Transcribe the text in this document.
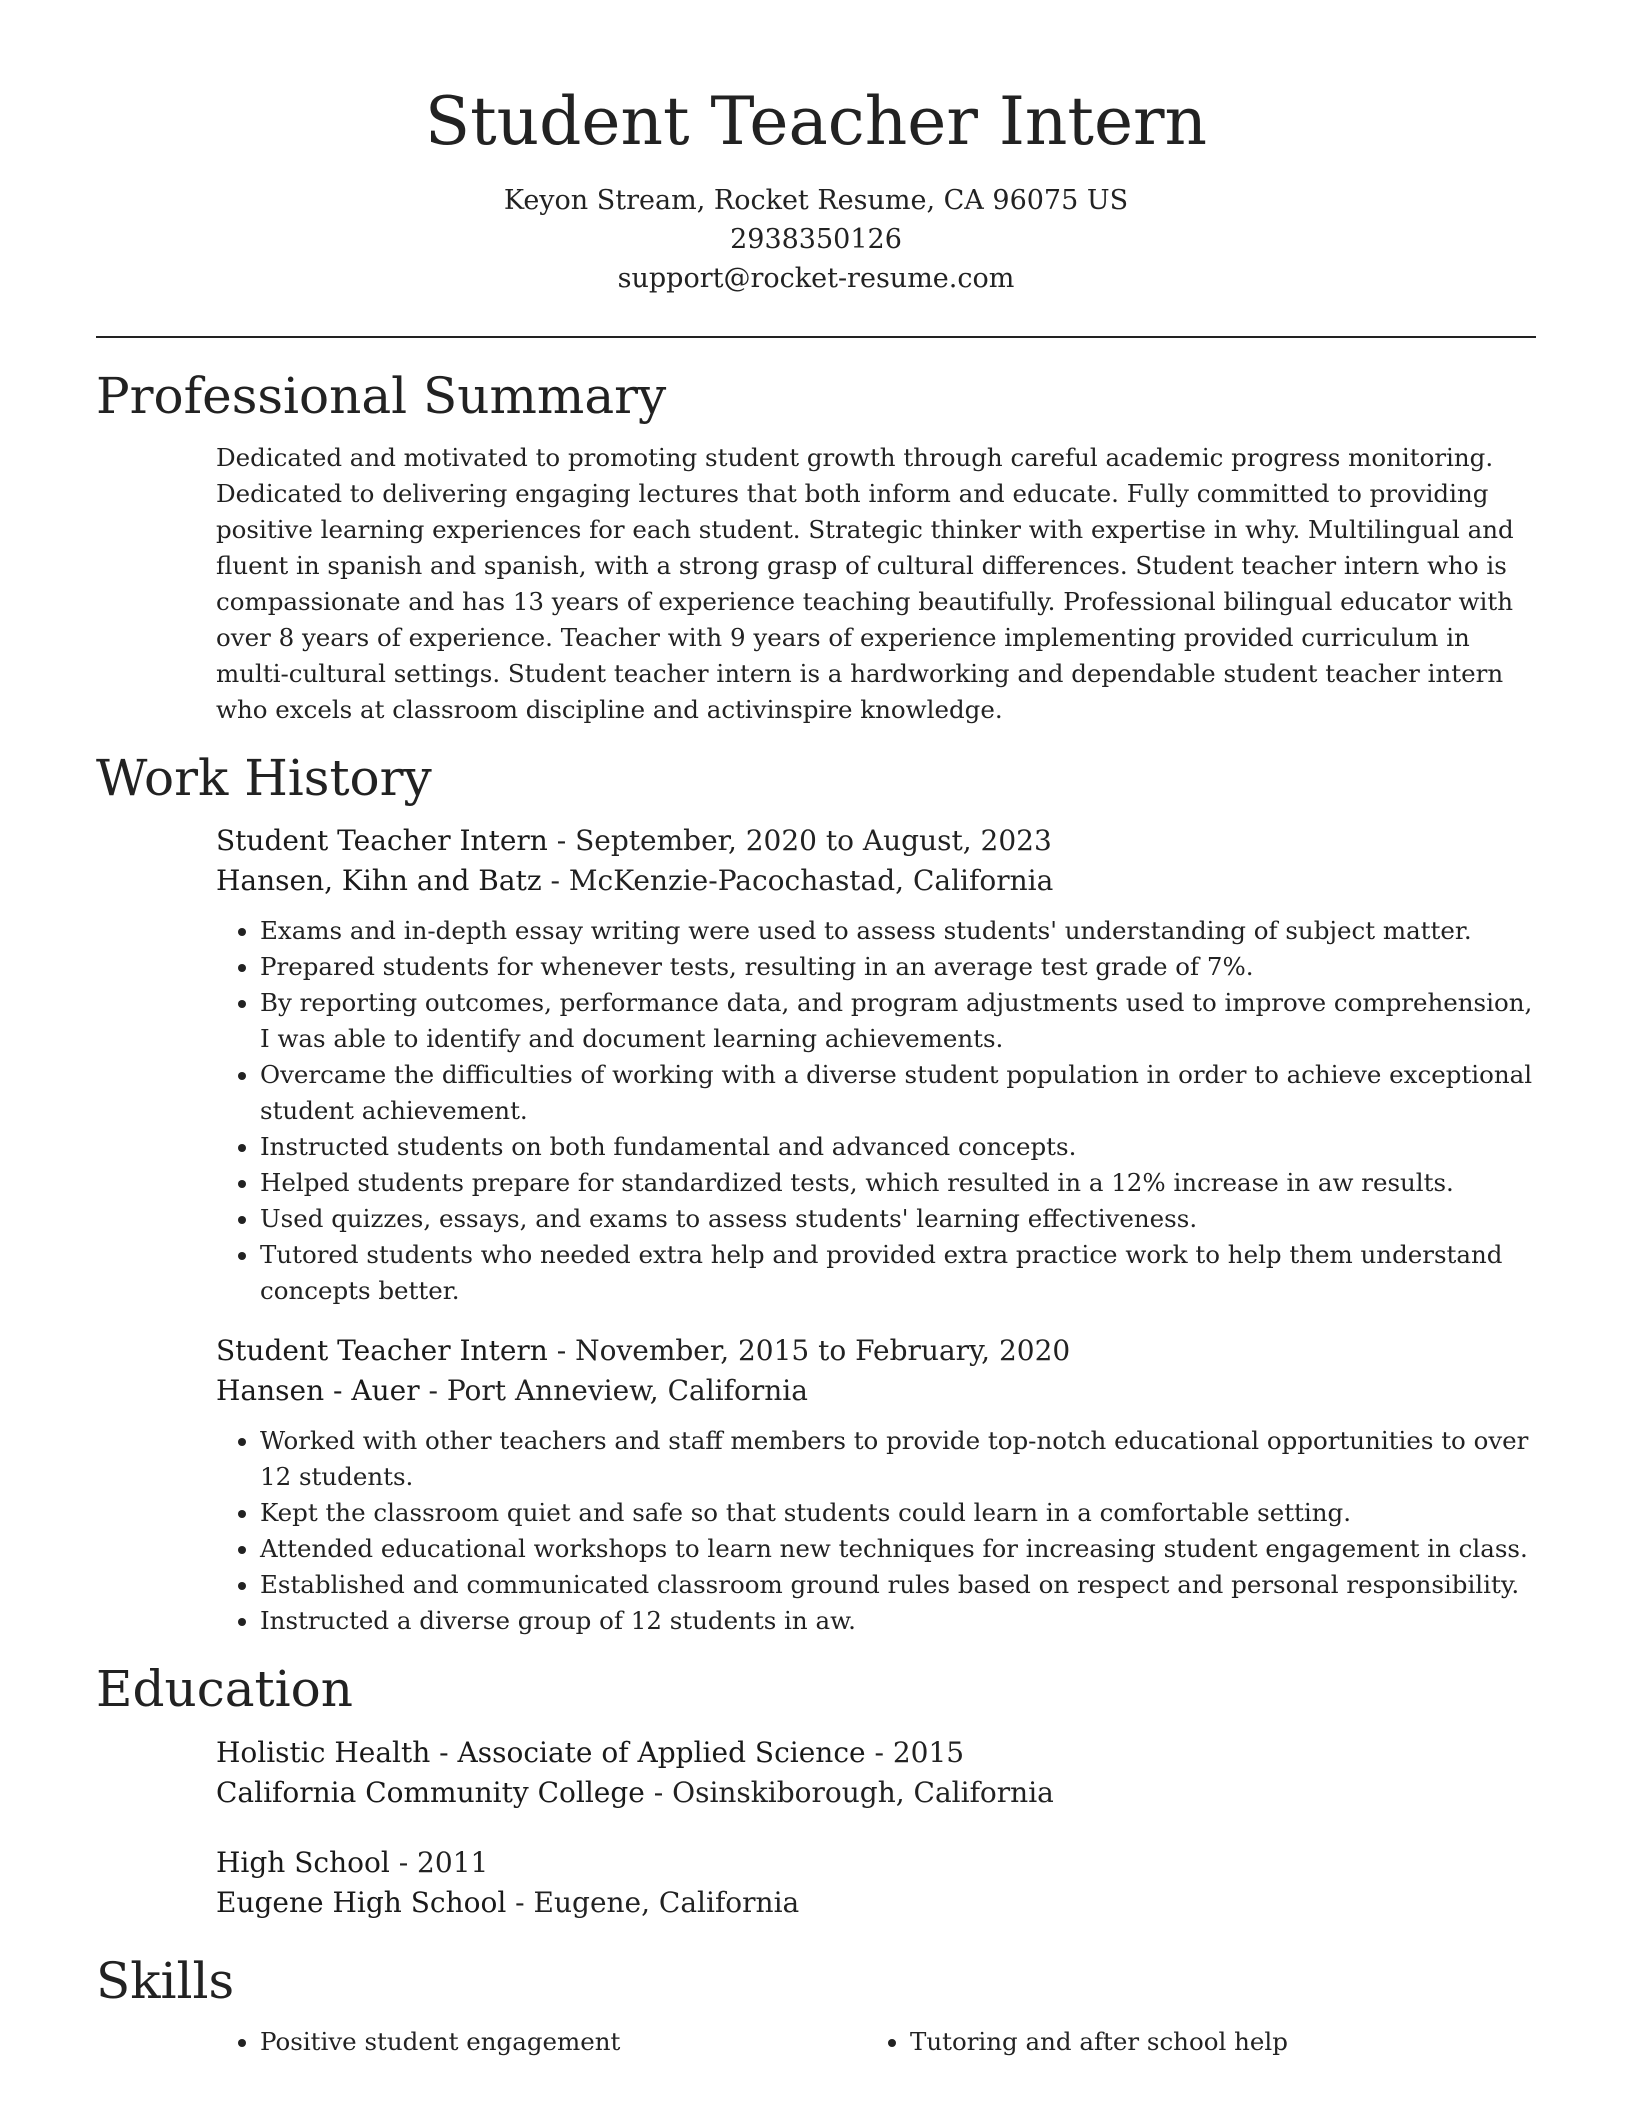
Student Teacher Intern
Keyon Stream, Rocket Resume, CA 96075 US
2938350126
support@rocket-resume.com
Professional Summary

Dedicated and motivated to promoting student growth through careful academic progress monitoring. Dedicated to delivering engaging lectures that both inform and educate. Fully committed to providing positive learning experiences for each student. Strategic thinker with expertise in why. Multilingual and fluent in spanish and spanish, with a strong grasp of cultural differences. Student teacher intern who is compassionate and has 13 years of experience teaching beautifully. Professional bilingual educator with over 8 years of experience. Teacher with 9 years of experience implementing provided curriculum in multi-cultural settings. Student teacher intern is a hardworking and dependable student teacher intern who excels at classroom discipline and activinspire knowledge.

Work History
Student Teacher Intern - September, 2020 to August, 2023
Hansen, Kihn and Batz - McKenzie-Pacochastad, California
• Exams and in-depth essay writing were used to assess students' understanding of subject matter.
• Prepared students for whenever tests, resulting in an average test grade of 7%.
• By reporting outcomes, performance data, and program adjustments used to improve comprehension, I was able to identify and document learning achievements.
• Overcame the difficulties of working with a diverse student population in order to achieve exceptional student achievement.
• Instructed students on both fundamental and advanced concepts.
• Helped students prepare for standardized tests, which resulted in a 12% increase in aw results.
• Used quizzes, essays, and exams to assess students' learning effectiveness.
• Tutored students who needed extra help and provided extra practice work to help them understand concepts better.
Student Teacher Intern - November, 2015 to February, 2020
Hansen - Auer - Port Anneview, California
• Worked with other teachers and staff members to provide top-notch educational opportunities to over 12 students.
• Kept the classroom quiet and safe so that students could learn in a comfortable setting.
• Attended educational workshops to learn new techniques for increasing student engagement in class.
• Established and communicated classroom ground rules based on respect and personal responsibility.
• Instructed a diverse group of 12 students in aw.
Education
Holistic Health - Associate of Applied Science - 2015
California Community College - Osinskiborough, California
High School - 2011
Eugene High School - Eugene, California
Skills
• Positive student engagement
•	Tutoring and after school help
